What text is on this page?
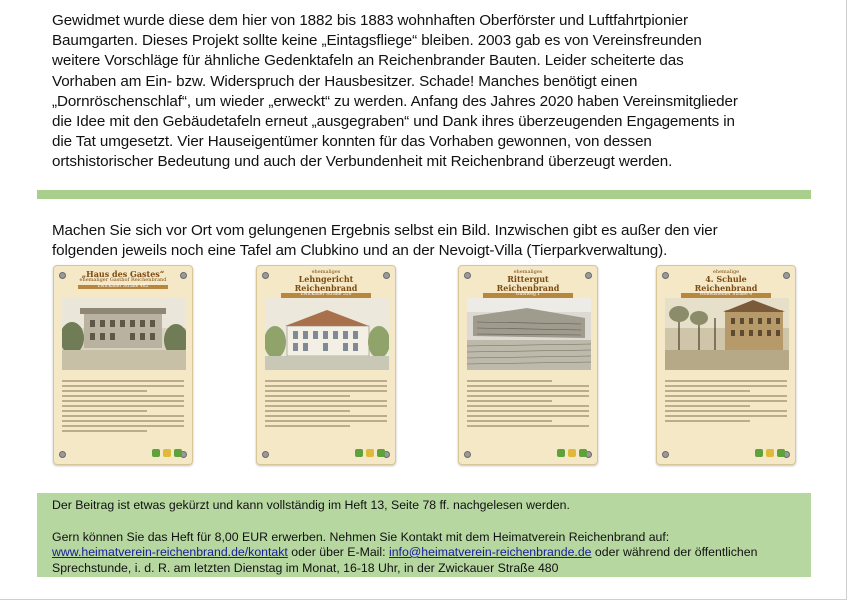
Gewidmet wurde diese dem hier von 1882 bis 1883 wohnhaften Oberförster und Luftfahrtpionier
Baumgarten. Dieses Projekt sollte keine „Eintagsfliege“ bleiben. 2003 gab es von Vereinsfreunden
weitere Vorschläge für ähnliche Gedenktafeln an Reichenbrander Bauten. Leider scheiterte das
Vorhaben am Ein- bzw. Widerspruch der Hausbesitzer. Schade! Manches benötigt einen
„Dornröschenschlaf“, um wieder „erweckt“ zu werden. Anfang des Jahres 2020 haben Vereinsmitglieder
die Idee mit den Gebäudetafeln erneut „ausgegraben“ und Dank ihres überzeugenden Engagements in
die Tat umgesetzt. Vier Hauseigentümer konnten für das Vorhaben gewonnen, von dessen
ortshistorischer Bedeutung und auch der Verbundenheit mit Reichenbrand überzeugt werden.
Machen Sie sich vor Ort vom gelungenen Ergebnis selbst ein Bild. Inzwischen gibt es außer den vier
folgenden jeweils noch eine Tafel am Clubkino und an der Nevoigt-Villa (Tierparkverwaltung).
„Haus des Gastes“
ehemaliger Gasthof Reichenbrand
Zwickauer Straße 482
ehemaliges
Lehngericht Reichenbrand
Zwickauer Straße 520
ehemaliges
Rittergut Reichenbrand
Gutsweg 1
ehemalige
4. Schule Reichenbrand
Hohensteiner Straße 4

Der Beitrag ist etwas gekürzt und kann vollständig im Heft 13, Seite 78 ff. nachgelesen werden.

Gern können Sie das Heft für 8,00 EUR erwerben. Nehmen Sie Kontakt mit dem Heimatverein Reichenbrand auf:

www.heimatverein-reichenbrand.de/kontakt oder über E-Mail: info@heimatverein-reichenbrande.de oder während der öffentlichen

Sprechstunde, i. d. R. am letzten Dienstag im Monat, 16-18 Uhr, in der Zwickauer Straße 480
